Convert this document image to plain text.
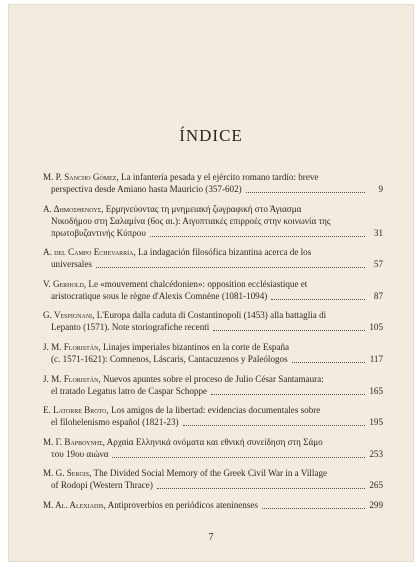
ÍNDICE
M. P. Sancho Gómez, La infantería pesada y el ejército romano tardío: breve
perspectiva desde Amiano hasta Mauricio (357-602)	9
Α. Δημοσθενους, Ερμηνεύοντας τη μνημειακή ζωγραφική στο Άγιασμα
Νικοδήμου στη Σαλαμίνα (6ος αι.): Αιγυπτιακές επιρροές στην κοινωνία της
πρωτοβυζαντινής Κύπρου	31
A. del Campo Echevarría, La indagación filosófica bizantina acerca de los
universales	57
V. Gerhold, Le «mouvement chalcédonien»: opposition ecclésiastique et
aristocratique sous le règne d'Alexis Comnène (1081-1094)	87
G. Vespignani, L'Europa dalla caduta di Costantinopoli (1453) alla battaglia di
Lepanto (1571). Note storiografiche recenti	105
J. M. Floristán, Linajes imperiales bizantinos en la corte de España
(c. 1571-1621): Comnenos, Láscaris, Cantacuzenos y Paleólogos	117
J. M. Floristán, Nuevos apuntes sobre el proceso de Julio César Santamaura:
el tratado Legatus latro de Caspar Schoppe	165
E. Latorre Broto, Los amigos de la libertad: evidencias documentales sobre
el filohelenismo español (1821-23)	195
Μ. Γ. Βαρβουνης, Αρχαία Ελληνικά ονόματα και εθνική συνείδηση στη Σάμο
του 19ου αιώνα	253
M. G. Sergis, The Divided Social Memory of the Greek Civil War in a Village
of Rodopi (Western Thrace)	265
M. Al. Alexiadis, Antiproverbios en periódicos ateninenses	299
7
